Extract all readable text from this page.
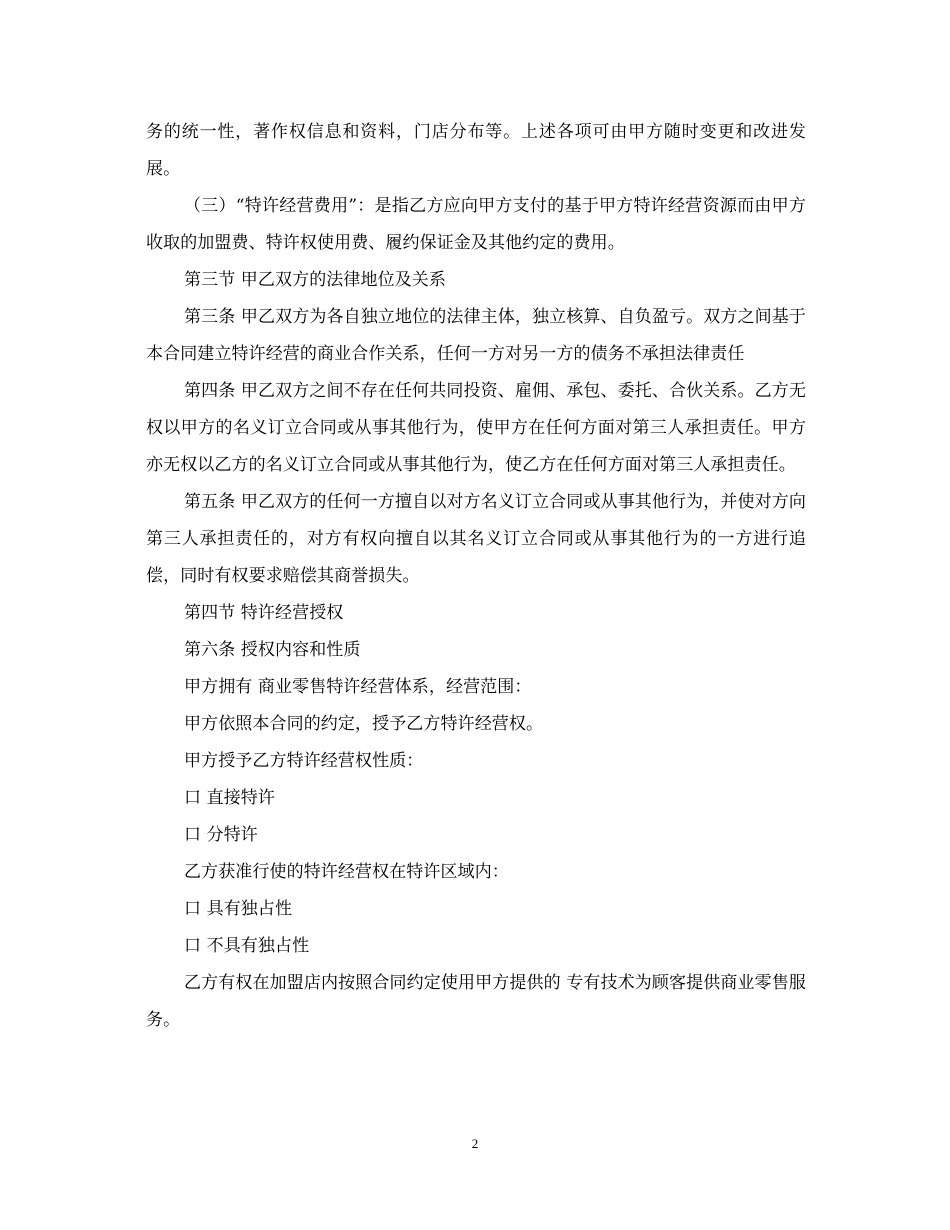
务的统一性，著作权信息和资料，门店分布等。上述各项可由甲方随时变更和改进发展。

（三）“特许经营费用”：是指乙方应向甲方支付的基于甲方特许经营资源而由甲方收取的加盟费、特许权使用费、履约保证金及其他约定的费用。

第三节 甲乙双方的法律地位及关系

第三条 甲乙双方为各自独立地位的法律主体，独立核算、自负盈亏。双方之间基于本合同建立特许经营的商业合作关系，任何一方对另一方的债务不承担法律责任

第四条 甲乙双方之间不存在任何共同投资、雇佣、承包、委托、合伙关系。乙方无权以甲方的名义订立合同或从事其他行为，使甲方在任何方面对第三人承担责任。甲方亦无权以乙方的名义订立合同或从事其他行为，使乙方在任何方面对第三人承担责任。

第五条 甲乙双方的任何一方擅自以对方名义订立合同或从事其他行为，并使对方向第三人承担责任的，对方有权向擅自以其名义订立合同或从事其他行为的一方进行追偿，同时有权要求赔偿其商誉损失。

第四节 特许经营授权

第六条 授权内容和性质

甲方拥有 商业零售特许经营体系，经营范围：

甲方依照本合同的约定，授予乙方特许经营权。

甲方授予乙方特许经营权性质：

口 直接特许

口 分特许

乙方获准行使的特许经营权在特许区域内：

口 具有独占性

口 不具有独占性

乙方有权在加盟店内按照合同约定使用甲方提供的 专有技术为顾客提供商业零售服务。

2
